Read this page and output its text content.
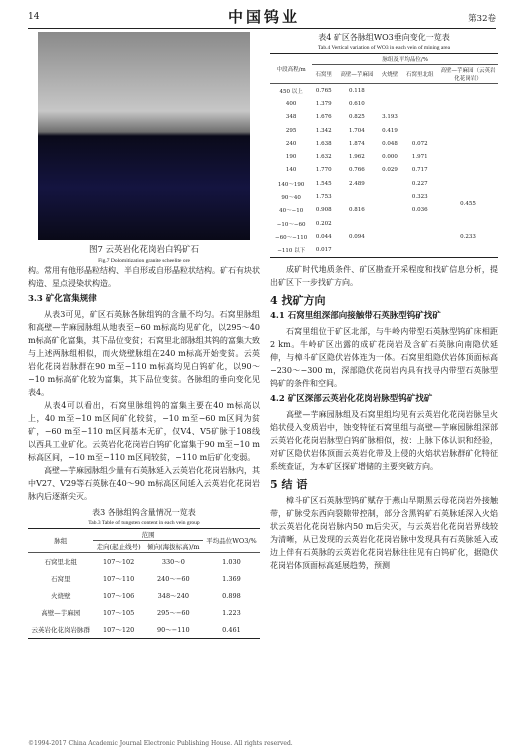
14	中国钨业	第32卷
图7 云英岩化花岗岩白钨矿石
Fig.7 Dolomitization granite scheelite ore

构。常用有他形晶粒结构、半自形或自形晶粒状结构。矿石有块状构造、星点浸染状构造。

3.3 矿化富集规律

从表3可见，矿区石英脉各脉组钨的含量不均匀。石窝里脉组和高壁—芋麻园脉组从地表至−60 m标高均见矿化，以295～40 m标高矿化富集，其下品位变贫；石窝里北部脉组其钨的富集大致与上述两脉组相似，而火烧壁脉组在240 m标高开始变贫。云英岩化花岗岩脉群在90 m至−110 m标高均见白钨矿化，以90～−10 m标高矿化较为富集，其下品位变贫。各脉组的垂向变化见表4。

从表4可以看出，石窝里脉组钨的富集主要在40 m标高以上，40 m至−10 m区间矿化较贫，−10 m至−60 m区间为贫矿，−60 m至−110 m区间基本无矿，仅V4、V5矿脉于108线以西具工业矿化。云英岩化花岗岩白钨矿化富集于90 m至−10 m标高区间，−10 m至−110 m区间较贫，−110 m后矿化变弱。

高壁—芋麻园脉组少量有石英脉延入云英岩化花岗岩脉内，其中V27、V29等石英脉在40～90 m标高区间延入云英岩化花岗岩脉内后逐渐尖灭。

表3 各脉组钨含量情况一览表
Tab.3 Table of tungsten content in each vein group
脉组	范围		平均品位WO3/%
	走向(起止线号)	倾向(海拔标高)/m	
石窝里北组	107～102	330～0	1.030
石窝里	107～110	240～−60	1.369
火烧壁	107～106	348～240	0.898
高壁—芋麻园	107～105	295～−60	1.223
云英岩化花岗岩脉群	107～120	90～−110	0.461
表4 矿区各脉组WO3垂向变化一览表
Tab.4 Vertical variation of WO3 in each vein of mining area
中段高程/m	脉组及平均品位/%				
	石窝里	高壁—芋麻园	火烧壁	石窝里北组	高壁—芋麻园（云英岩化花岗岩）
450 以上	0.765	0.118			
400	1.379	0.610			
348	1.676	0.825	3.193		
295	1.342	1.704	0.419		
240	1.638	1.874	0.048	0.072	
190	1.632	1.962	0.000	1.971	
140	1.770	0.766	0.029	0.717	
140～190	1.545	2.489		0.227	
90～40	1.753			0.323	0.455
40～−10	0.908	0.816		0.036	
−10～−60	0.202				0.233
−60～−110	0.044	0.094			
−110 以下	0.017				

成矿时代地质条件、矿区勘查开采程度和找矿信息分析，提出矿区下一步找矿方向。

4 找矿方向
4.1 石窝里组深部向接触带石英脉型钨矿找矿

石窝里组位于矿区北部，与牛岭内带型石英脉型钨矿床相距2 km。牛岭矿区出露的成矿花岗岩及含矿石英脉向南隐伏延伸，与樟斗矿区隐伏岩体连为一体。石窝里组隐伏岩体顶面标高−230～−300 m，深部隐伏花岗岩内具有找寻内带型石英脉型钨矿的条件和空间。

4.2 矿区深部云英岩化花岗岩脉型钨矿找矿

高壁—芋麻园脉组及石窝里组均见有云英岩化花岗岩脉呈火焰状侵入变质岩中，蚀变特征石窝里组与高壁—芋麻园脉组深部云英岩化花岗岩脉型白钨矿脉相似，按：上脉下体认识和经验，对矿区隐伏岩体顶面云英岩化带及上侵的火焰状岩脉群矿化特征系统查证，为本矿区探矿增储的主要突破方向。

5 结 语

樟斗矿区石英脉型钨矿赋存于燕山早期黑云母花岗岩外接触带，矿脉受东西向裂隙带控制，部分含黑钨矿石英脉延深入火焰状云英岩化花岗岩脉内50 m后尖灭，与云英岩化花岗岩界线较为清晰，从已发现的云英岩化花岗岩脉中发现具有石英脉延入或边上伴有石英脉的云英岩化花岗岩脉往往见有白钨矿化，据隐伏花岗岩体顶面标高延展趋势，预测

©1994-2017 China Academic Journal Electronic Publishing House. All rights reserved.
